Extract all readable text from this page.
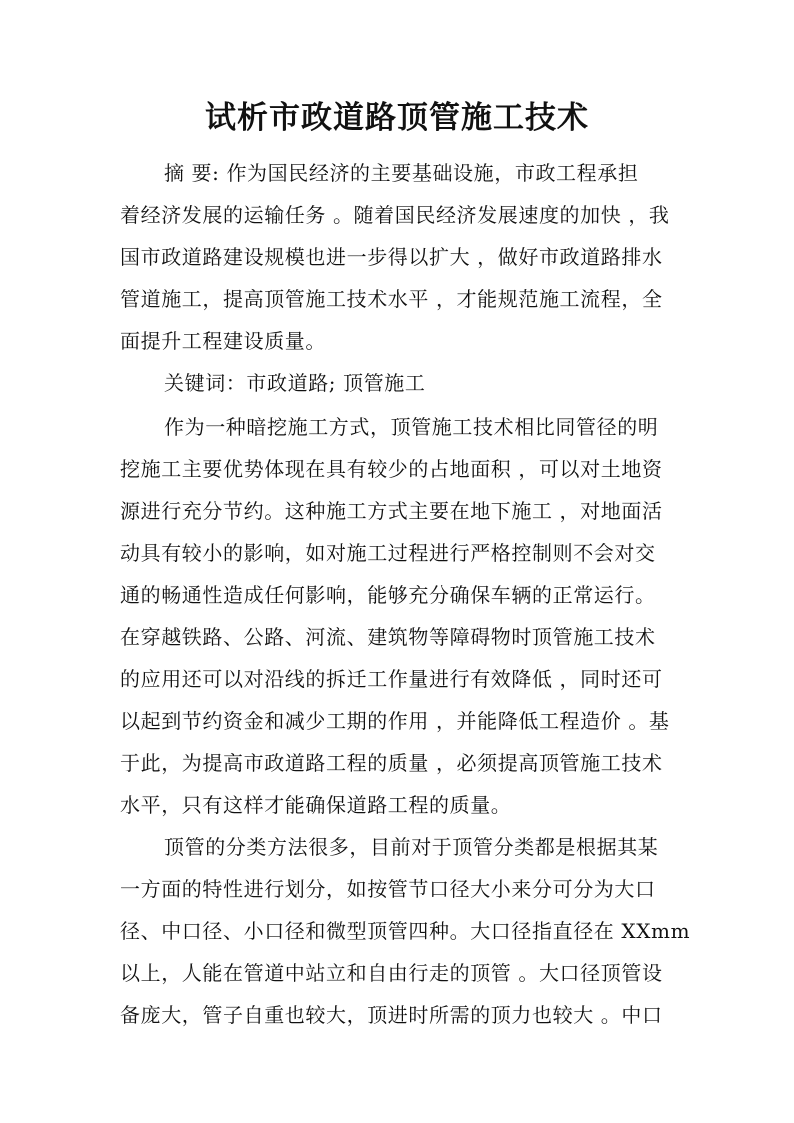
试析市政道路顶管施工技术
摘 要: 作为国民经济的主要基础设施，市政工程承担
着经济发展的运输任务 。随着国民经济发展速度的加快 ，我
国市政道路建设规模也进一步得以扩大 ，做好市政道路排水
管道施工，提高顶管施工技术水平 ，才能规范施工流程，全
面提升工程建设质量。
关键词：市政道路; 顶管施工
作为一种暗挖施工方式，顶管施工技术相比同管径的明
挖施工主要优势体现在具有较少的占地面积 ，可以对土地资
源进行充分节约。这种施工方式主要在地下施工 ，对地面活
动具有较小的影响，如对施工过程进行严格控制则不会对交
通的畅通性造成任何影响，能够充分确保车辆的正常运行。
在穿越铁路、公路、河流、建筑物等障碍物时顶管施工技术
的应用还可以对沿线的拆迁工作量进行有效降低 ，同时还可
以起到节约资金和减少工期的作用 ，并能降低工程造价 。基
于此，为提高市政道路工程的质量 ，必须提高顶管施工技术
水平，只有这样才能确保道路工程的质量。
顶管的分类方法很多，目前对于顶管分类都是根据其某
一方面的特性进行划分，如按管节口径大小来分可分为大口
径、中口径、小口径和微型顶管四种。大口径指直径在 XXmm
以上，人能在管道中站立和自由行走的顶管 。大口径顶管设
备庞大，管子自重也较大，顶进时所需的顶力也较大 。中口
